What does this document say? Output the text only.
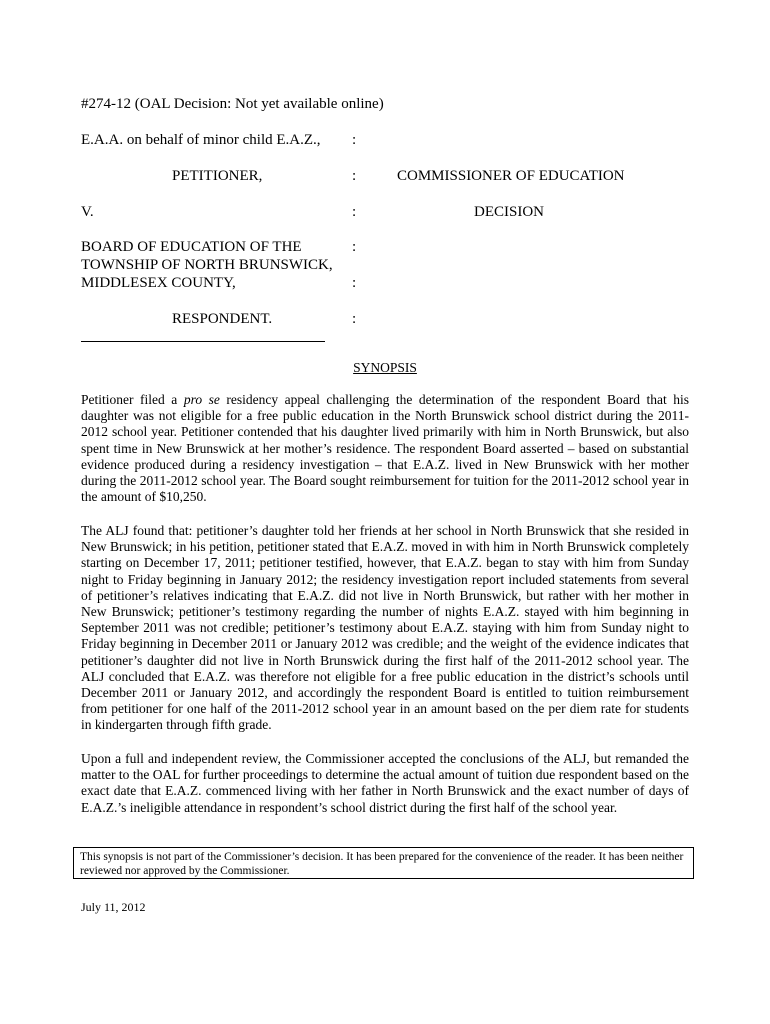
#274-12 (OAL Decision: Not yet available online)
E.A.A. on behalf of minor child E.A.Z., :
PETITIONER,	:	COMMISSIONER OF EDUCATION
V.	:	DECISION
BOARD OF EDUCATION OF THE	:
TOWNSHIP OF NORTH BRUNSWICK,
MIDDLESEX COUNTY,	:
RESPONDENT.	:
SYNOPSIS
Petitioner filed a pro se residency appeal challenging the determination of the respondent Board that his daughter was not eligible for a free public education in the North Brunswick school district during the 2011-2012 school year. Petitioner contended that his daughter lived primarily with him in North Brunswick, but also spent time in New Brunswick at her mother’s residence. The respondent Board asserted – based on substantial evidence produced during a residency investigation – that E.A.Z. lived in New Brunswick with her mother during the 2011-2012 school year. The Board sought reimbursement for tuition for the 2011-2012 school year in the amount of $10,250.
The ALJ found that: petitioner’s daughter told her friends at her school in North Brunswick that she resided in New Brunswick; in his petition, petitioner stated that E.A.Z. moved in with him in North Brunswick completely starting on December 17, 2011; petitioner testified, however, that E.A.Z. began to stay with him from Sunday night to Friday beginning in January 2012; the residency investigation report included statements from several of petitioner’s relatives indicating that E.A.Z. did not live in North Brunswick, but rather with her mother in New Brunswick; petitioner’s testimony regarding the number of nights E.A.Z. stayed with him beginning in September 2011 was not credible; petitioner’s testimony about E.A.Z. staying with him from Sunday night to Friday beginning in December 2011 or January 2012 was credible; and the weight of the evidence indicates that petitioner’s daughter did not live in North Brunswick during the first half of the 2011-2012 school year. The ALJ concluded that E.A.Z. was therefore not eligible for a free public education in the district’s schools until December 2011 or January 2012, and accordingly the respondent Board is entitled to tuition reimbursement from petitioner for one half of the 2011-2012 school year in an amount based on the per diem rate for students in kindergarten through fifth grade.
Upon a full and independent review, the Commissioner accepted the conclusions of the ALJ, but remanded the matter to the OAL for further proceedings to determine the actual amount of tuition due respondent based on the exact date that E.A.Z. commenced living with her father in North Brunswick and the exact number of days of E.A.Z.’s ineligible attendance in respondent’s school district during the first half of the school year.
This synopsis is not part of the Commissioner’s decision. It has been prepared for the convenience of the reader. It has been neither reviewed nor approved by the Commissioner.
July 11, 2012
